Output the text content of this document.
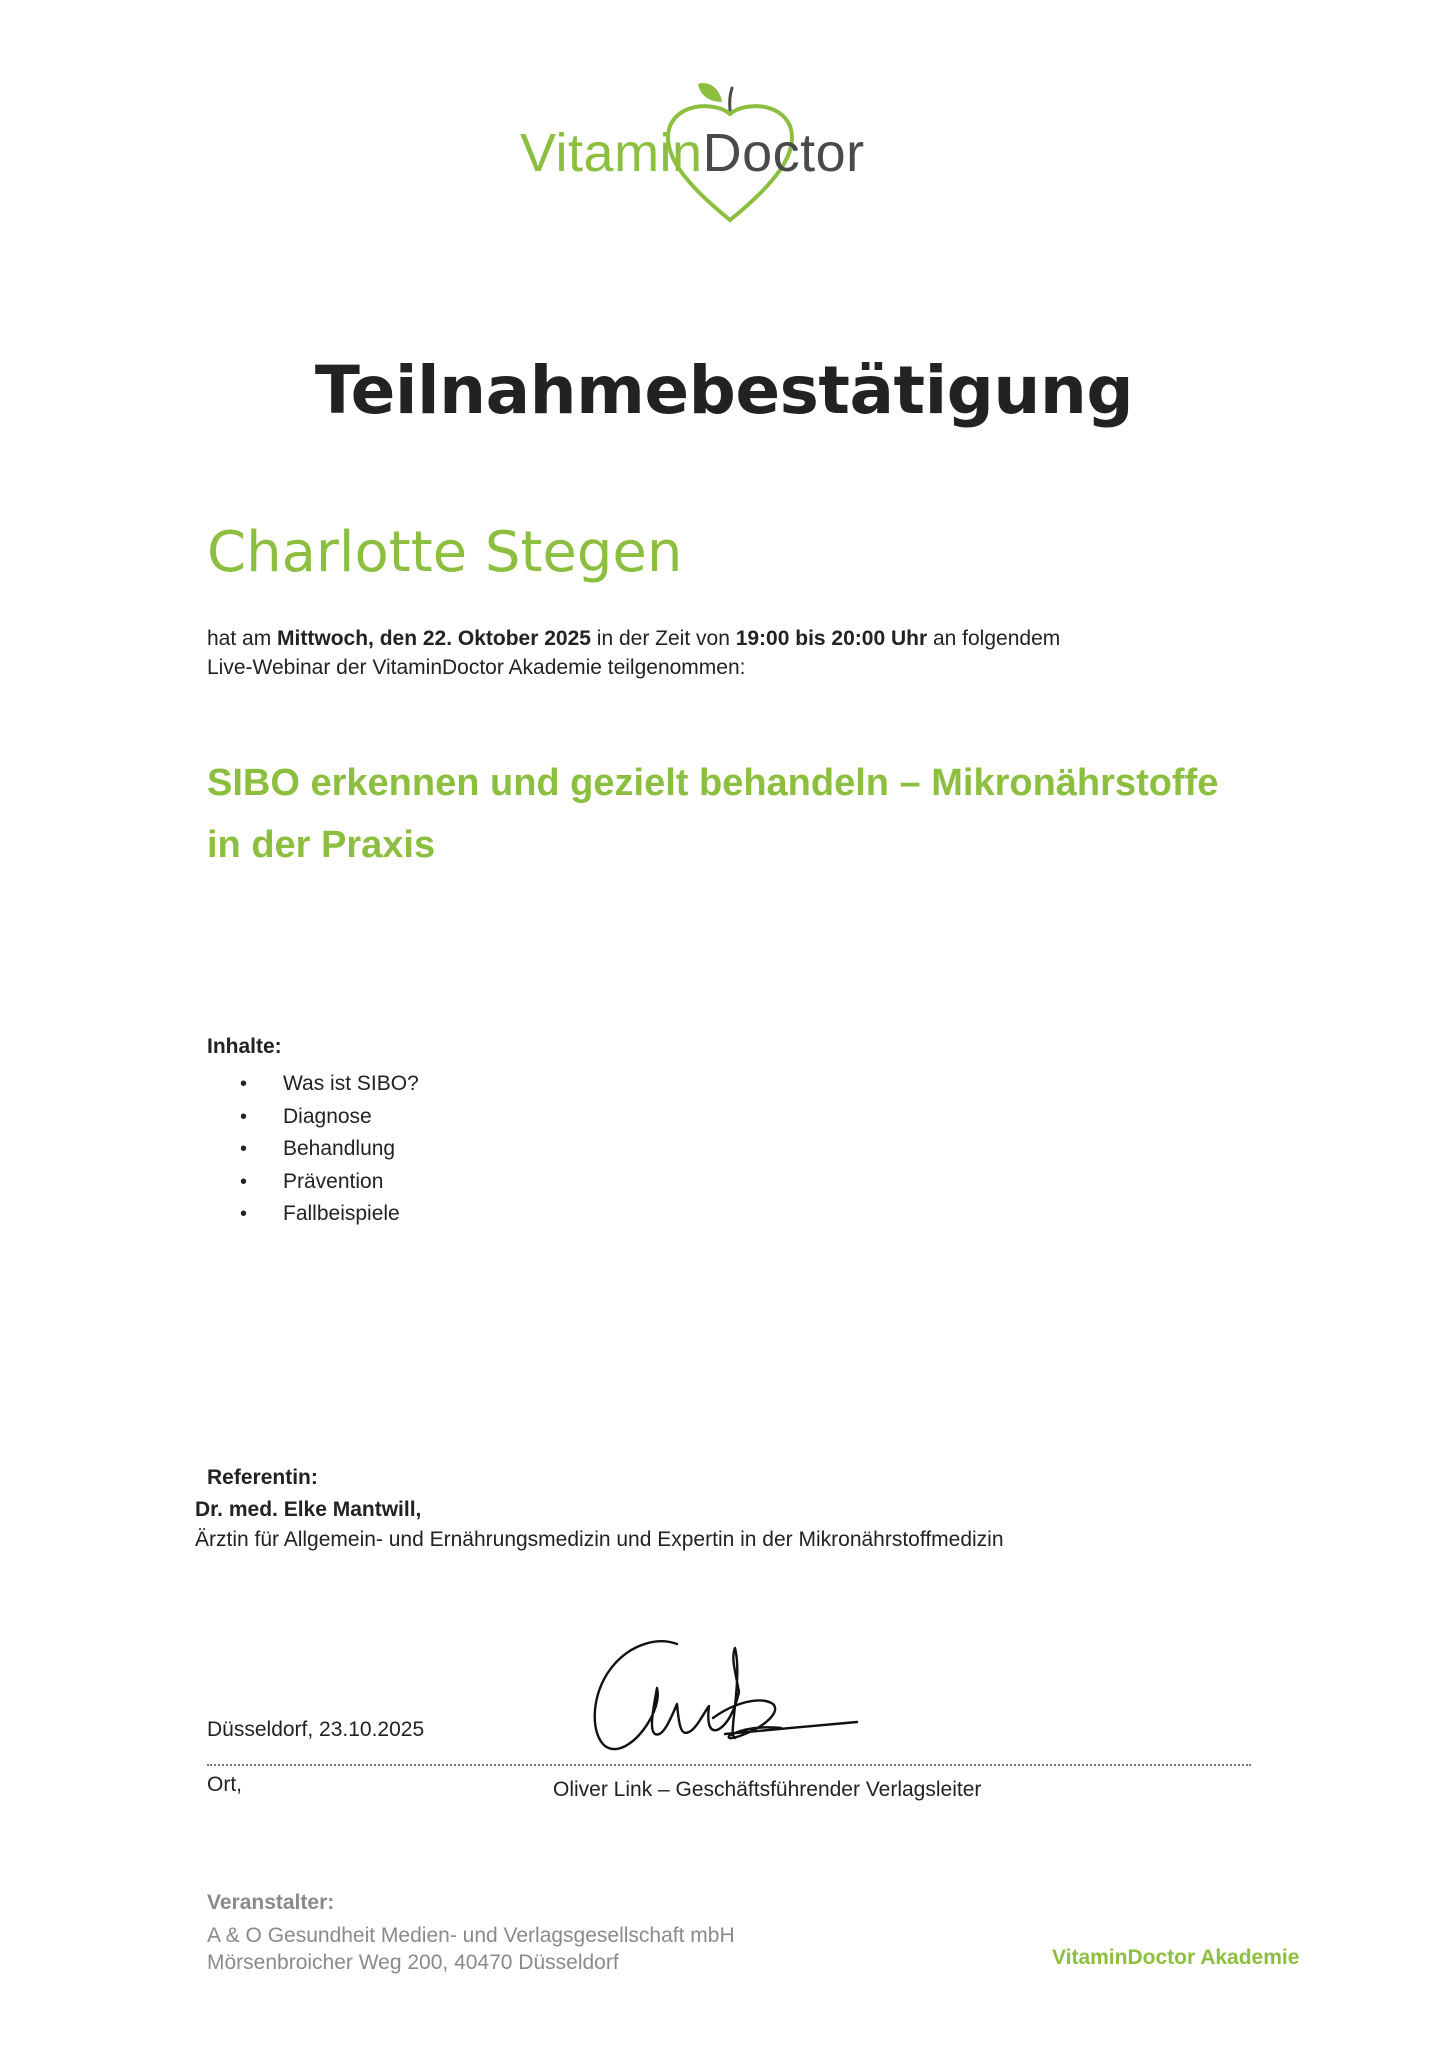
VitaminDoctor
Teilnahmebestätigung
Charlotte Stegen
hat am Mittwoch, den 22. Oktober 2025 in der Zeit von 19:00 bis 20:00 Uhr an folgendem
Live-Webinar der VitaminDoctor Akademie teilgenommen:
SIBO erkennen und gezielt behandeln – Mikronährstoffe
in der Praxis
Inhalte:
• Was ist SIBO?
• Diagnose
• Behandlung
• Prävention
• Fallbeispiele
Referentin:
Dr. med. Elke Mantwill,
Ärztin für Allgemein- und Ernährungsmedizin und Expertin in der Mikronährstoffmedizin
Düsseldorf, 23.10.2025
Ort,	Oliver Link – Geschäftsführender Verlagsleiter
Veranstalter:
A & O Gesundheit Medien- und Verlagsgesellschaft mbH
Mörsenbroicher Weg 200, 40470 Düsseldorf	VitaminDoctor Akademie
